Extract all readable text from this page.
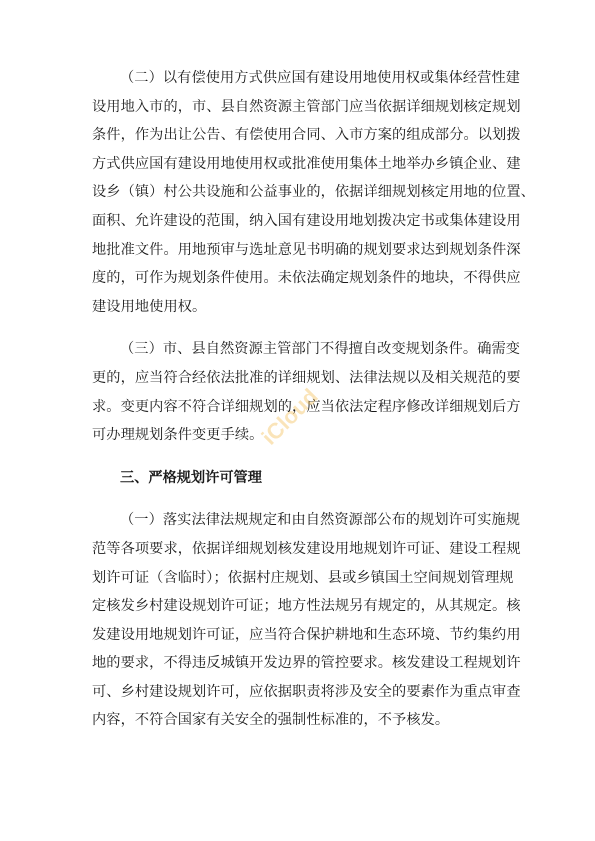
（二）以有偿使用方式供应国有建设用地使用权或集体经营性建
设用地入市的，市、县自然资源主管部门应当依据详细规划核定规划
条件，作为出让公告、有偿使用合同、入市方案的组成部分。以划拨
方式供应国有建设用地使用权或批准使用集体土地举办乡镇企业、建
设乡（镇）村公共设施和公益事业的，依据详细规划核定用地的位置、
面积、允许建设的范围，纳入国有建设用地划拨决定书或集体建设用
地批准文件。用地预审与选址意见书明确的规划要求达到规划条件深
度的，可作为规划条件使用。未依法确定规划条件的地块，不得供应
建设用地使用权。

（三）市、县自然资源主管部门不得擅自改变规划条件。确需变
更的，应当符合经依法批准的详细规划、法律法规以及相关规范的要
求。变更内容不符合详细规划的，应当依法定程序修改详细规划后方
可办理规划条件变更手续。

三、严格规划许可管理

（一）落实法律法规规定和由自然资源部公布的规划许可实施规
范等各项要求，依据详细规划核发建设用地规划许可证、建设工程规
划许可证（含临时）；依据村庄规划、县或乡镇国土空间规划管理规
定核发乡村建设规划许可证；地方性法规另有规定的，从其规定。核
发建设用地规划许可证，应当符合保护耕地和生态环境、节约集约用
地的要求，不得违反城镇开发边界的管控要求。核发建设工程规划许
可、乡村建设规划许可，应依据职责将涉及安全的要素作为重点审查
内容，不符合国家有关安全的强制性标准的，不予核发。

iCloud
